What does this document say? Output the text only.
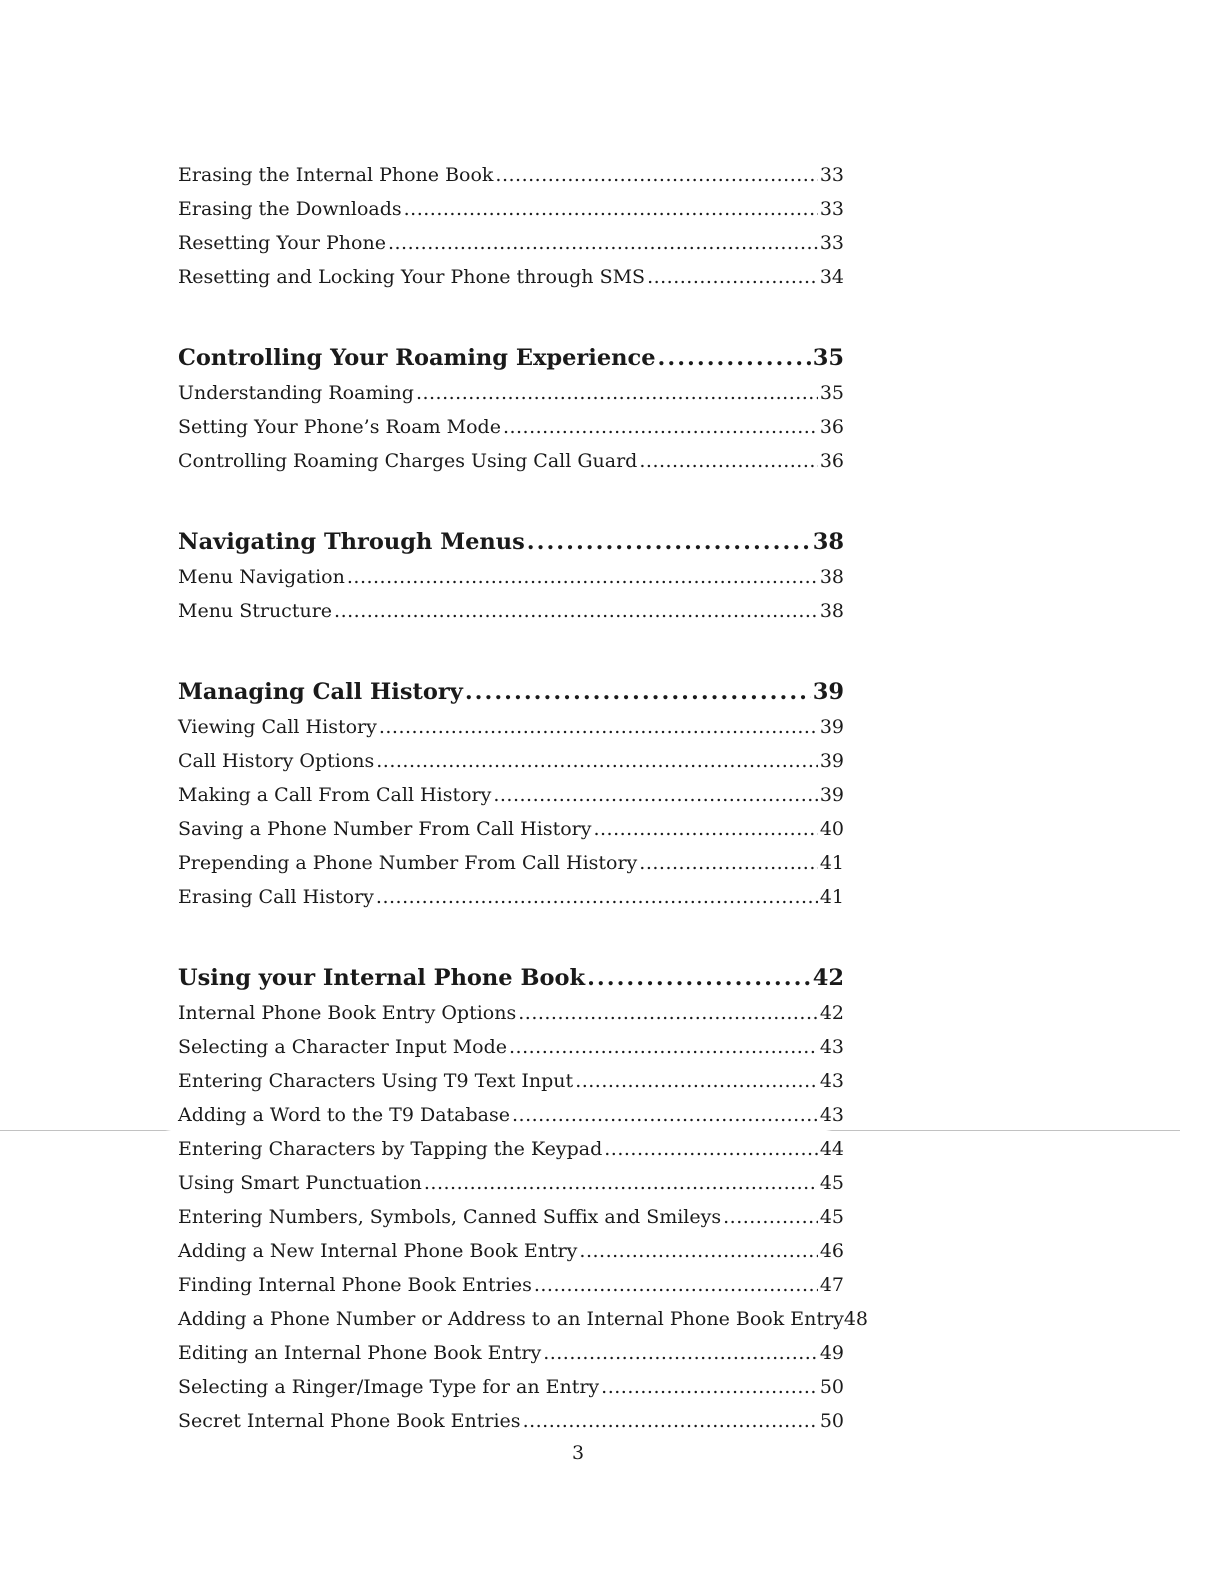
Erasing the Internal Phone Book .....	33
Erasing the Downloads .....	33
Resetting Your Phone .....	33
Resetting and Locking Your Phone through SMS .....	34
Controlling Your Roaming Experience .....	35
Understanding Roaming .....	35
Setting Your Phone’s Roam Mode .....	36
Controlling Roaming Charges Using Call Guard .....	36
Navigating Through Menus .....	38
Menu Navigation .....	38
Menu Structure .....	38
Managing Call History .....	39
Viewing Call History .....	39
Call History Options .....	39
Making a Call From Call History .....	39
Saving a Phone Number From Call History .....	40
Prepending a Phone Number From Call History .....	41
Erasing Call History .....	41
Using your Internal Phone Book .....	42
Internal Phone Book Entry Options .....	42
Selecting a Character Input Mode .....	43
Entering Characters Using T9 Text Input .....	43
Adding a Word to the T9 Database .....	43
Entering Characters by Tapping the Keypad .....	44
Using Smart Punctuation .....	45
Entering Numbers, Symbols, Canned Suffix and Smileys .....	45
Adding a New Internal Phone Book Entry .....	46
Finding Internal Phone Book Entries .....	47
Adding a Phone Number or Address to an Internal Phone Book Entry 48
Editing an Internal Phone Book Entry .....	49
Selecting a Ringer/Image Type for an Entry .....	50
Secret Internal Phone Book Entries .....	50
3
